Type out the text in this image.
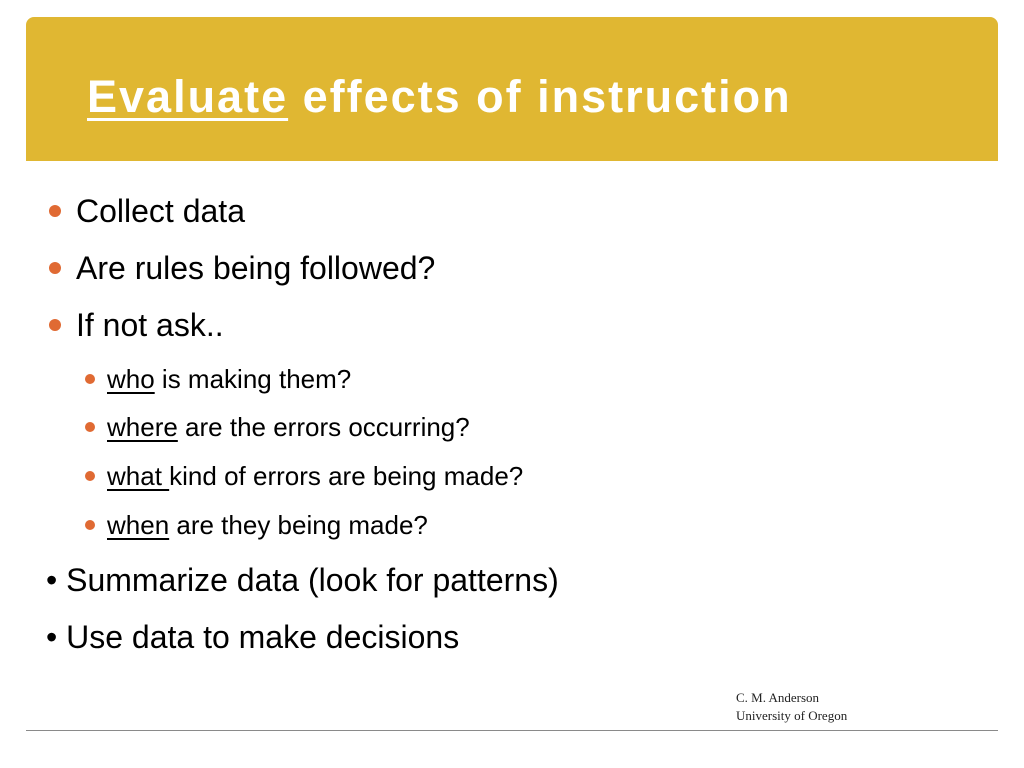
Evaluate effects of instruction
Collect data
Are rules being followed?
If not ask..
who is making them?
where are the errors occurring?
what kind of errors are being made?
when are they being made?
• Summarize data (look for patterns)
• Use data to make decisions
C. M. Anderson
University of Oregon
